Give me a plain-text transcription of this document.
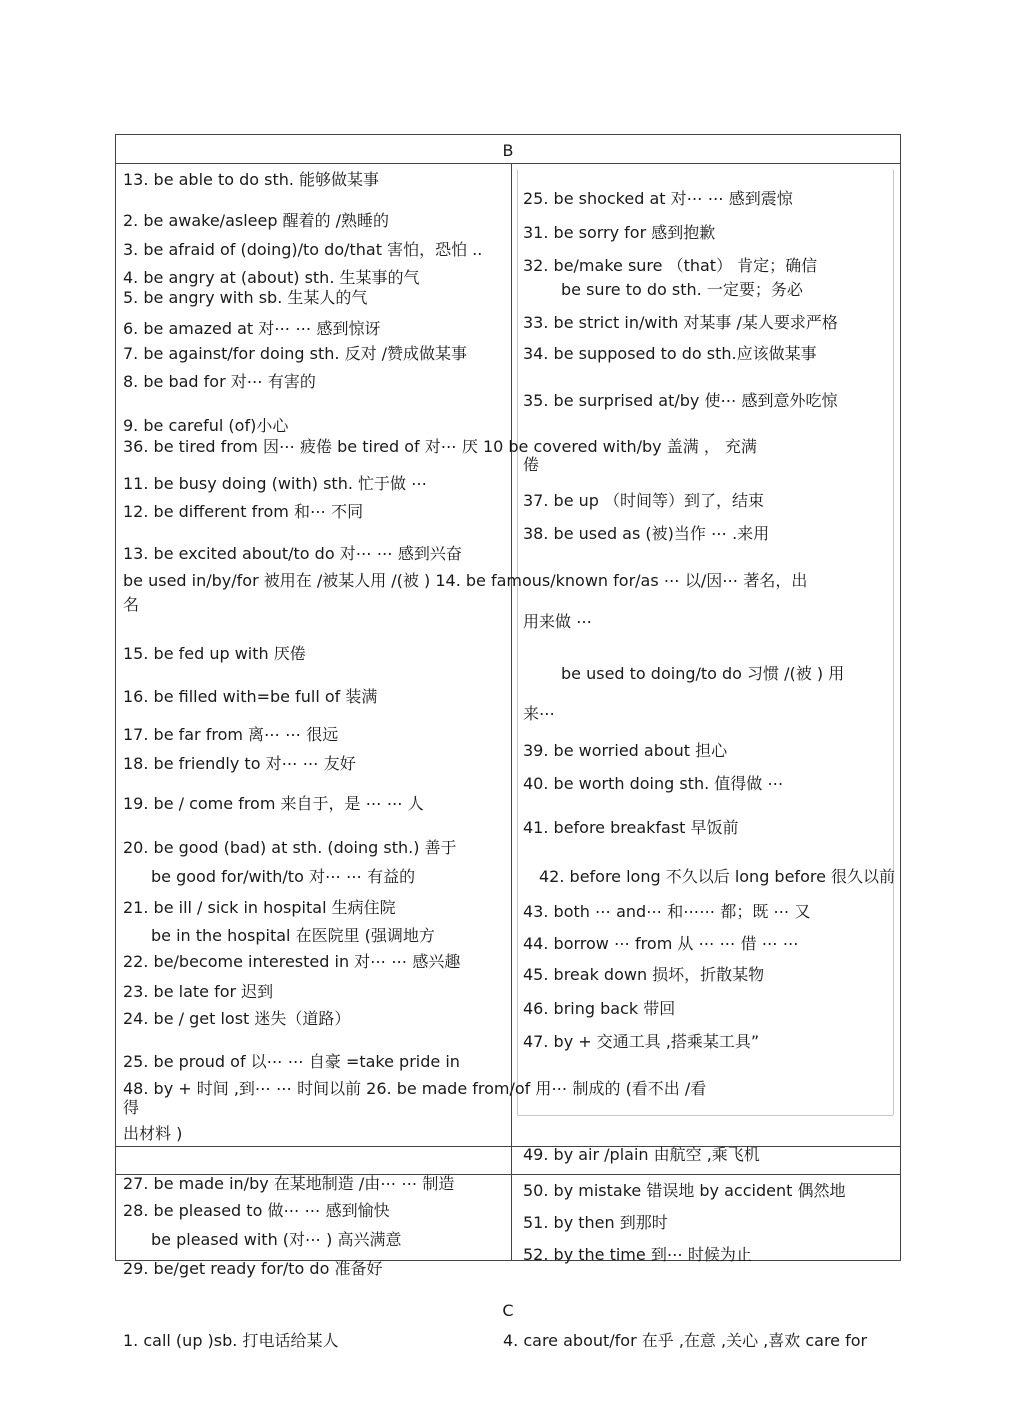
B
C
13. be able to do sth. 能够做某事
2. be awake/asleep 醒着的 /熟睡的
3. be afraid of (doing)/to do/that 害怕，恐怕 ..
4. be angry at (about) sth. 生某事的气
5. be angry with sb. 生某人的气
6. be amazed at 对⋯ ⋯ 感到惊讶
7. be against/for doing sth. 反对 /赞成做某事
8. be bad for 对⋯ 有害的
9. be careful (of)小心
36. be tired from 因⋯ 疲倦 be tired of 对⋯ 厌 10 be covered with/by 盖满 ， 充满
倦
11. be busy doing (with) sth. 忙于做 ⋯
12. be different from 和⋯ 不同
13. be excited about/to do 对⋯ ⋯ 感到兴奋
be used in/by/for 被用在 /被某人用 /(被 ) 14. be famous/known for/as ⋯ 以/因⋯ 著名，出
名
15. be fed up with 厌倦
16. be filled with=be full of 装满
17. be far from 离⋯ ⋯ 很远
18. be friendly to 对⋯ ⋯ 友好
19. be / come from 来自于，是 ⋯ ⋯ 人
20. be good (bad) at sth. (doing sth.) 善于
be good for/with/to 对⋯ ⋯ 有益的
21. be ill / sick in hospital 生病住院
be in the hospital 在医院里 (强调地方
22. be/become interested in 对⋯ ⋯ 感兴趣
23. be late for 迟到
24. be / get lost 迷失（道路）
25. be proud of 以⋯ ⋯ 自豪 =take pride in
48. by + 时间 ,到⋯ ⋯ 时间以前 26. be made from/of 用⋯ 制成的 (看不出 /看
得
出材料 )
27. be made in/by 在某地制造 /由⋯ ⋯ 制造
28. be pleased to 做⋯ ⋯ 感到愉快
be pleased with (对⋯ ) 高兴满意
29. be/get ready for/to do 准备好
25. be shocked at 对⋯ ⋯ 感到震惊
31. be sorry for 感到抱歉
32. be/make sure （that） 肯定；确信
be sure to do sth. 一定要；务必
33. be strict in/with 对某事 /某人要求严格
34. be supposed to do sth.应该做某事
35. be surprised at/by 使⋯ 感到意外吃惊
37. be up （时间等）到了，结束
38. be used as (被)当作 ⋯ .来用
用来做 ⋯
be used to doing/to do 习惯 /(被 ) 用
来⋯
39. be worried about 担心
40. be worth doing sth. 值得做 ⋯
41. before breakfast 早饭前
42. before long 不久以后 long before 很久以前
43. both ⋯ and⋯ 和⋯⋯ 都；既 ⋯ 又
44. borrow ⋯ from 从 ⋯ ⋯ 借 ⋯ ⋯
45. break down 损坏，折散某物
46. bring back 带回
47. by + 交通工具 ,搭乘某工具”
49. by air /plain 由航空 ,乘飞机
50. by mistake 错误地 by accident 偶然地
51. by then 到那时
52. by the time 到⋯ 时候为止
1. call (up )sb. 打电话给某人	4. care about/for 在乎 ,在意 ,关心 ,喜欢 care for
